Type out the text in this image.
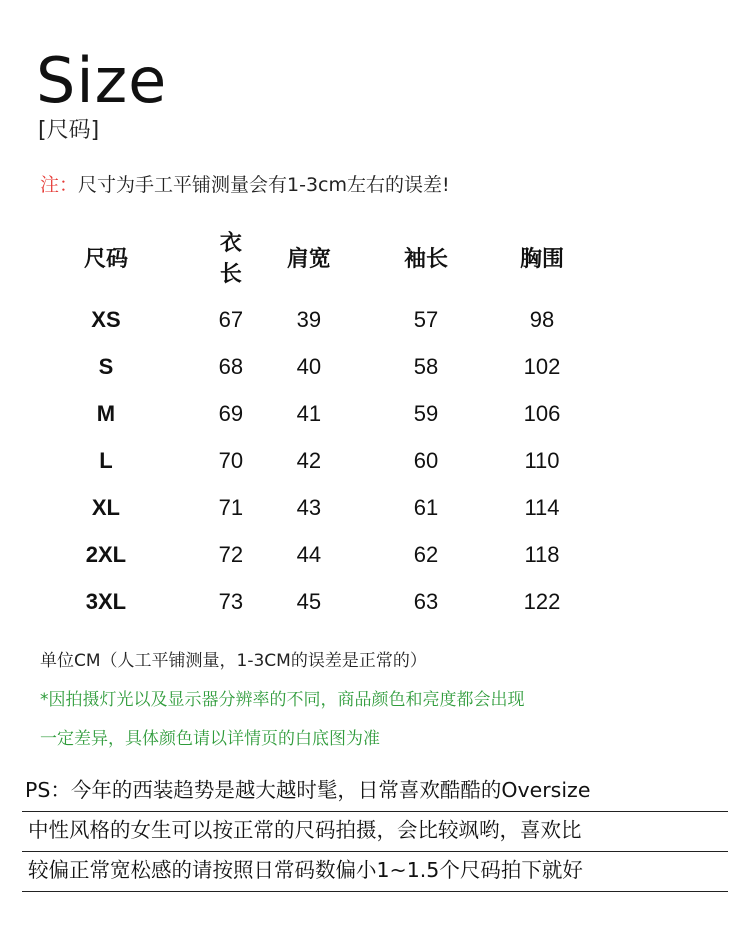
Size
[尺码]
注：尺寸为手工平铺测量会有1-3cm左右的误差!
尺码	衣长	肩宽	袖长	胸围
XS	67	39	57	98
S	68	40	58	102
M	69	41	59	106
L	70	42	60	110
XL	71	43	61	114
2XL	72	44	62	118
3XL	73	45	63	122
单位CM（人工平铺测量，1-3CM的误差是正常的）
*因拍摄灯光以及显示器分辨率的不同，商品颜色和亮度都会出现
一定差异，具体颜色请以详情页的白底图为准
PS：今年的西装趋势是越大越时髦，日常喜欢酷酷的Oversize
中性风格的女生可以按正常的尺码拍摄，会比较飒哟，喜欢比
较偏正常宽松感的请按照日常码数偏小1~1.5个尺码拍下就好
